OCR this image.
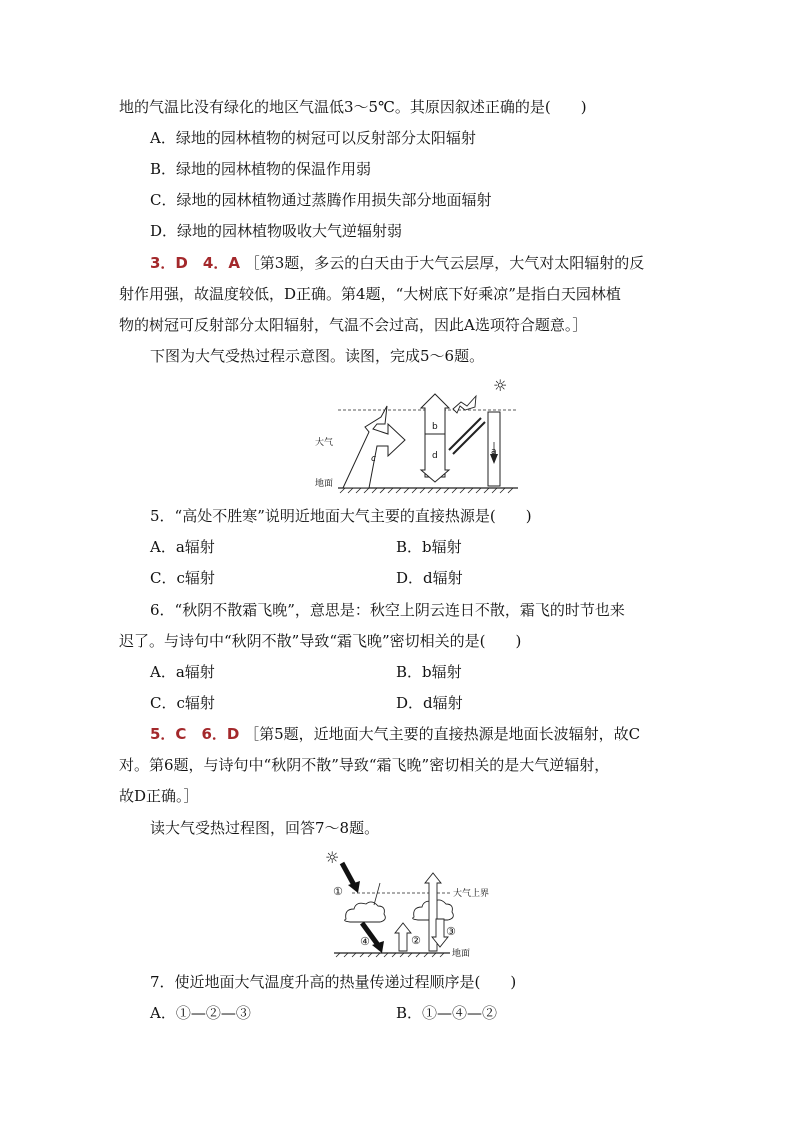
地的气温比没有绿化的地区气温低3～5℃。其原因叙述正确的是(　　)
A．绿地的园林植物的树冠可以反射部分太阳辐射
B．绿地的园林植物的保温作用弱
C．绿地的园林植物通过蒸腾作用损失部分地面辐射
D．绿地的园林植物吸收大气逆辐射弱
3．D　4．A ［第3题，多云的白天由于大气云层厚，大气对太阳辐射的反
射作用强，故温度较低，D正确。第4题，“大树底下好乘凉”是指白天园林植
物的树冠可反射部分太阳辐射，气温不会过高，因此A选项符合题意。］
下图为大气受热过程示意图。读图，完成5～6题。
☼
大气
地面
c
b
d	a
5．“高处不胜寒”说明近地面大气主要的直接热源是(　　)
A．a辐射	B．b辐射
C．c辐射	D．d辐射
6．“秋阴不散霜飞晚”，意思是：秋空上阴云连日不散，霜飞的时节也来
迟了。与诗句中“秋阴不散”导致“霜飞晚”密切相关的是(　　)
A．a辐射	B．b辐射
C．c辐射	D．d辐射
5．C　6．D ［第5题，近地面大气主要的直接热源是地面长波辐射，故C
对。第6题，与诗句中“秋阴不散”导致“霜飞晚”密切相关的是大气逆辐射，
故D正确。］
读大气受热过程图，回答7～8题。
☼
大气上界
地面
①
②
③
④
7．使近地面大气温度升高的热量传递过程顺序是(　　)
A．①—②—③	B．①—④—②
